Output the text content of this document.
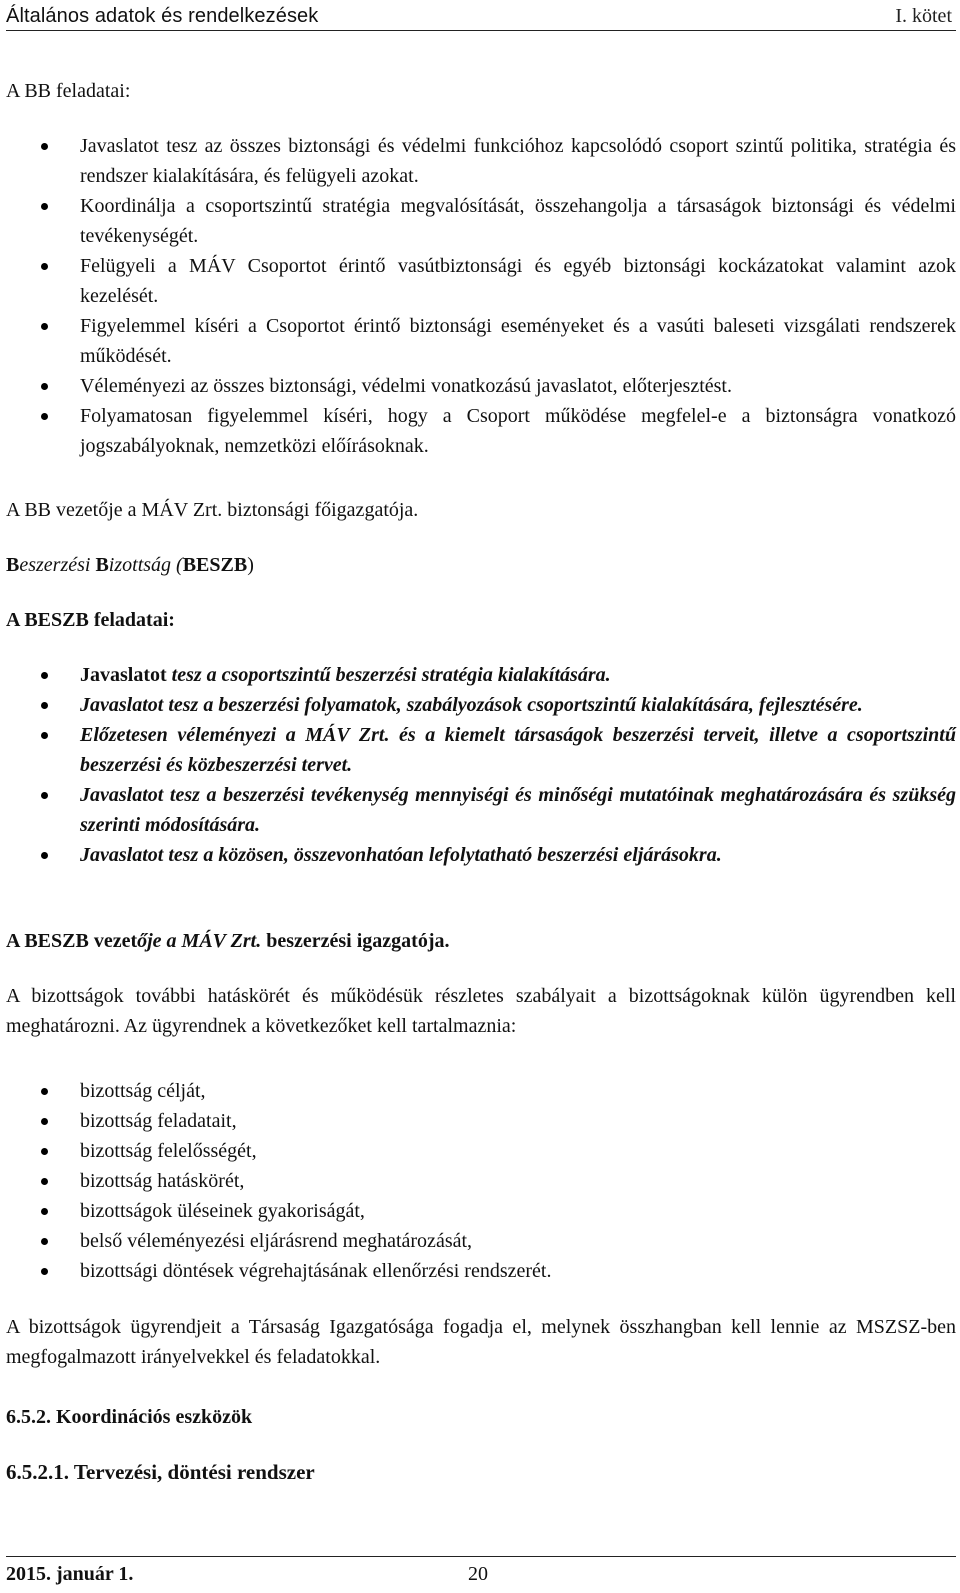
Általános adatok és rendelkezések	I. kötet

A BB feladatai:

Javaslatot tesz az összes biztonsági és védelmi funkcióhoz kapcsolódó csoport szintű politika, stratégia és rendszer kialakítására, és felügyeli azokat.
Koordinálja a csoportszintű stratégia megvalósítását, összehangolja a társaságok biztonsági és védelmi tevékenységét.
Felügyeli a MÁV Csoportot érintő vasútbiztonsági és egyéb biztonsági kockázatokat valamint azok kezelését.
Figyelemmel kíséri a Csoportot érintő biztonsági eseményeket és a vasúti baleseti vizsgálati rendszerek működését.
Véleményezi az összes biztonsági, védelmi vonatkozású javaslatot, előterjesztést.
Folyamatosan figyelemmel kíséri, hogy a Csoport működése megfelel-e a biztonságra vonatkozó jogszabályoknak, nemzetközi előírásoknak.

A BB vezetője a MÁV Zrt. biztonsági főigazgatója.

Beszerzési Bizottság (BESZB)

A BESZB feladatai:

Javaslatot tesz a csoportszintű beszerzési stratégia kialakítására.
Javaslatot tesz a beszerzési folyamatok, szabályozások csoportszintű kialakítására, fejlesztésére.
Előzetesen véleményezi a MÁV Zrt. és a kiemelt társaságok beszerzési terveit, illetve a csoportszintű beszerzési és közbeszerzési tervet.
Javaslatot tesz a beszerzési tevékenység mennyiségi és minőségi mutatóinak meghatározására és szükség szerinti módosítására.
Javaslatot tesz a közösen, összevonhatóan lefolytatható beszerzési eljárásokra.

A BESZB vezetője a MÁV Zrt. beszerzési igazgatója.

A bizottságok további hatáskörét és működésük részletes szabályait a bizottságoknak külön ügyrendben kell meghatározni. Az ügyrendnek a következőket kell tartalmaznia:

bizottság célját,
bizottság feladatait,
bizottság felelősségét,
bizottság hatáskörét,
bizottságok üléseinek gyakoriságát,
belső véleményezési eljárásrend meghatározását,
bizottsági döntések végrehajtásának ellenőrzési rendszerét.

A bizottságok ügyrendjeit a Társaság Igazgatósága fogadja el, melynek összhangban kell lennie az MSZSZ-ben megfogalmazott irányelvekkel és feladatokkal.

6.5.2. Koordinációs eszközök

6.5.2.1. Tervezési, döntési rendszer

2015. január 1.	20
